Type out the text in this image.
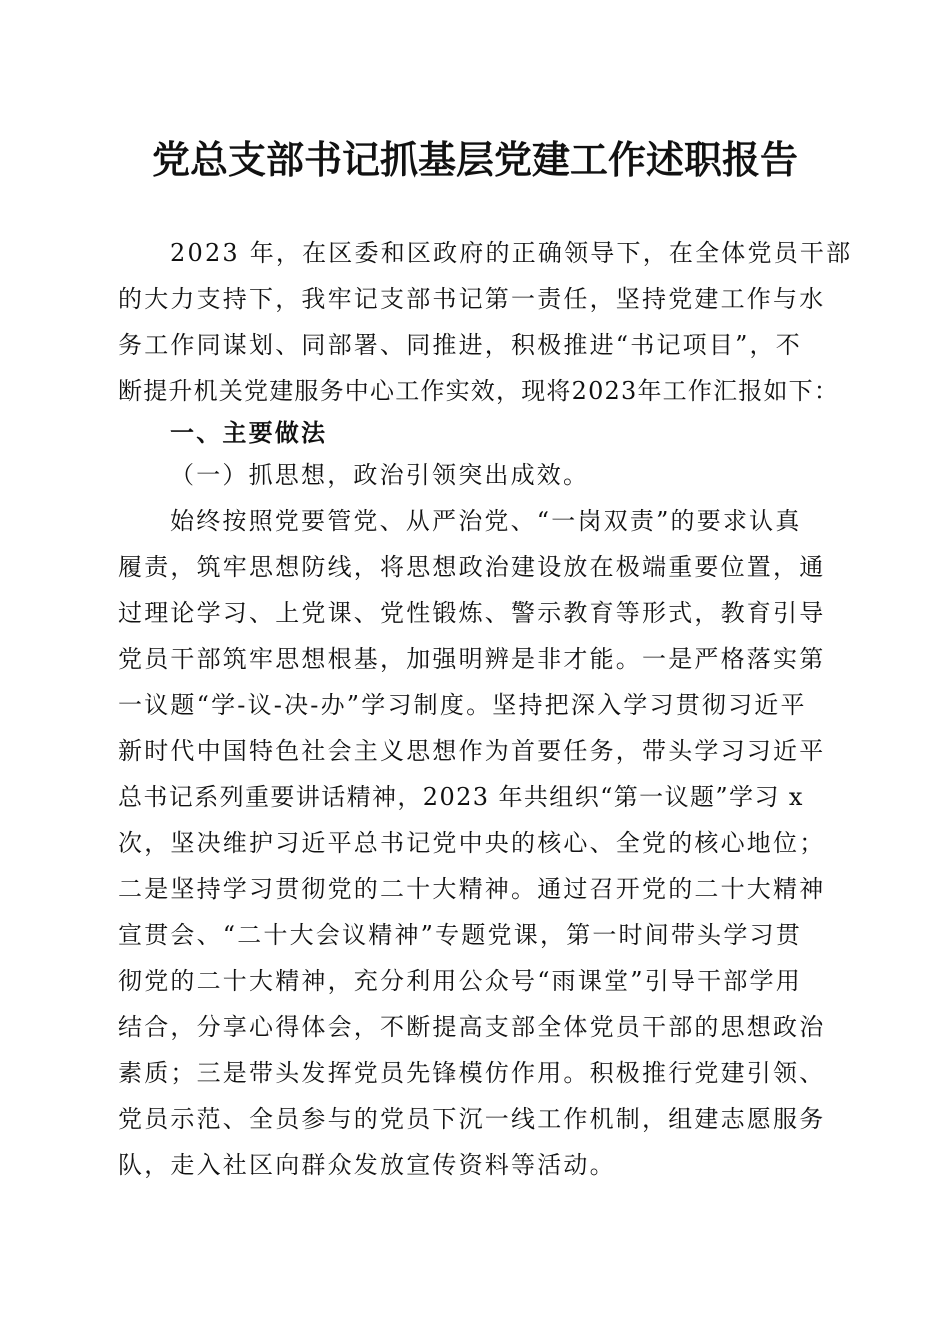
党总支部书记抓基层党建工作述职报告
2023 年，在区委和区政府的正确领导下，在全体党员干部
的大力支持下，我牢记支部书记第一责任，坚持党建工作与水
务工作同谋划、同部署、同推进，积极推进“书记项目”，不
断提升机关党建服务中心工作实效，现将2023年工作汇报如下：
一、主要做法
（一）抓思想，政治引领突出成效。
始终按照党要管党、从严治党、“一岗双责”的要求认真
履责，筑牢思想防线，将思想政治建设放在极端重要位置，通
过理论学习、上党课、党性锻炼、警示教育等形式，教育引导
党员干部筑牢思想根基，加强明辨是非才能。一是严格落实第
一议题“学-议-决-办”学习制度。坚持把深入学习贯彻习近平
新时代中国特色社会主义思想作为首要任务，带头学习习近平
总书记系列重要讲话精神，2023 年共组织“第一议题”学习 x
次，坚决维护习近平总书记党中央的核心、全党的核心地位；
二是坚持学习贯彻党的二十大精神。通过召开党的二十大精神
宣贯会、“二十大会议精神”专题党课，第一时间带头学习贯
彻党的二十大精神，充分利用公众号“雨课堂”引导干部学用
结合，分享心得体会，不断提高支部全体党员干部的思想政治
素质；三是带头发挥党员先锋模仿作用。积极推行党建引领、
党员示范、全员参与的党员下沉一线工作机制，组建志愿服务
队，走入社区向群众发放宣传资料等活动。
